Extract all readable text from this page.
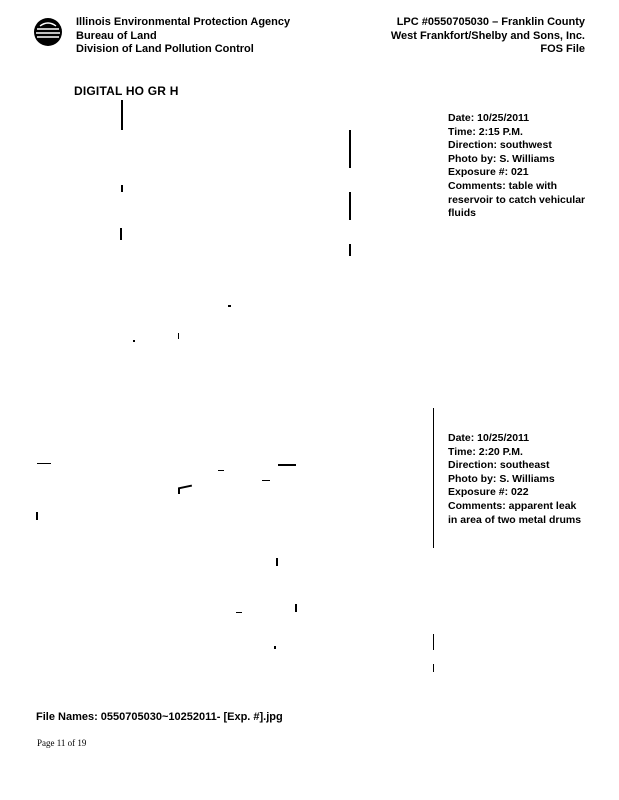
Illinois Environmental Protection Agency
Bureau of Land
Division of Land Pollution Control
LPC #0550705030 – Franklin County
West Frankfort/Shelby and Sons, Inc.
FOS File
DIGITAL HO GR H
Date: 10/25/2011
Time: 2:15 P.M.
Direction: southwest
Photo by: S. Williams
Exposure #: 021
Comments: table with reservoir to catch vehicular fluids
Date: 10/25/2011
Time: 2:20 P.M.
Direction: southeast
Photo by: S. Williams
Exposure #: 022
Comments: apparent leak in area of two metal drums
File Names: 0550705030~10252011- [Exp. #].jpg
Page 11 of 19
